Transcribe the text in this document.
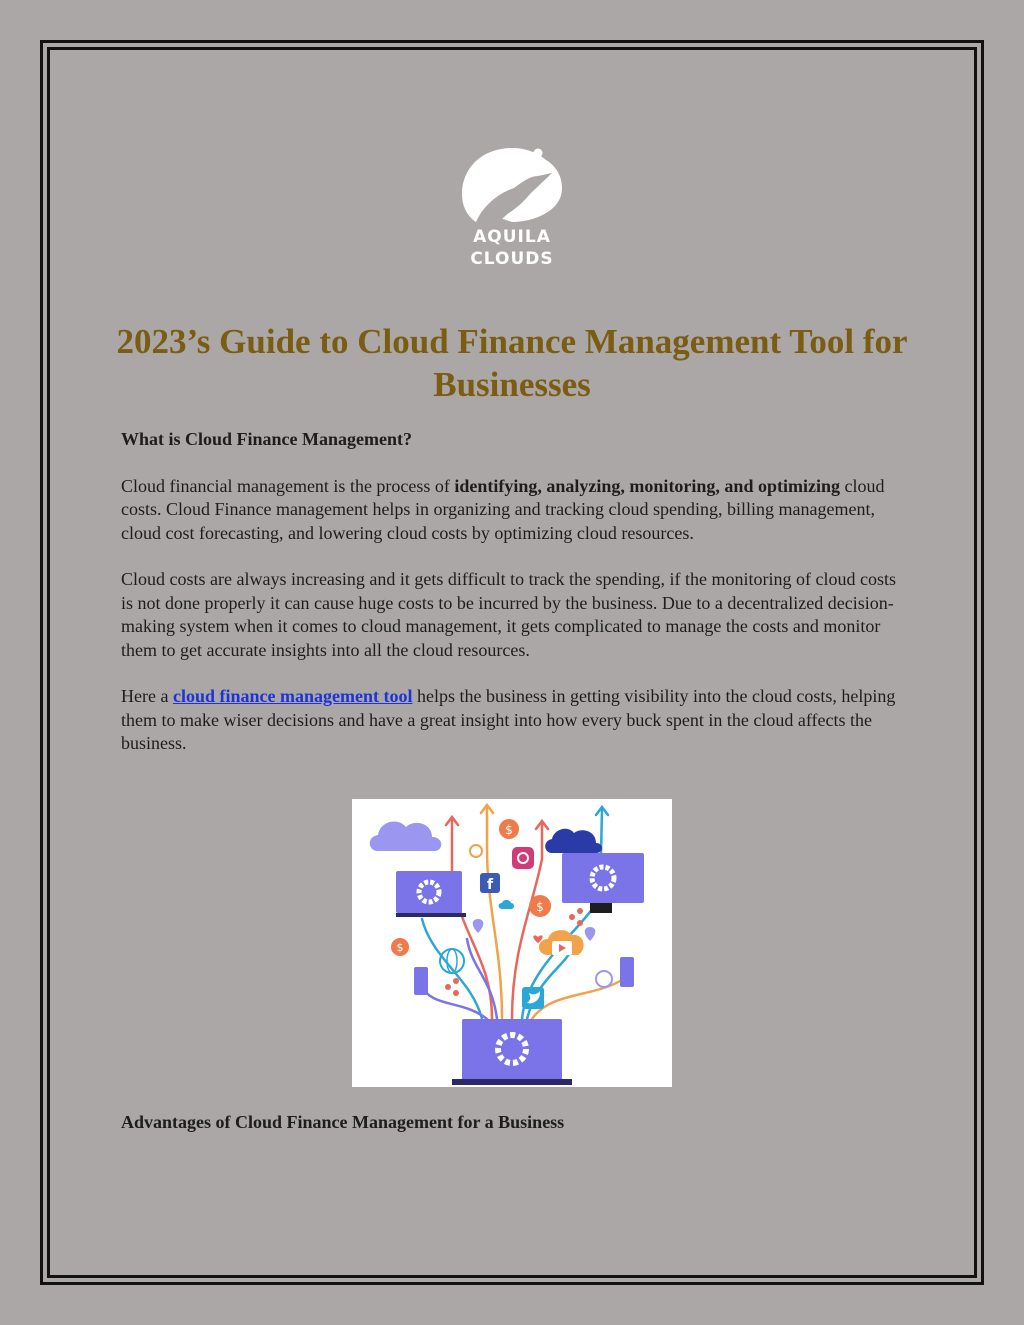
AQUILA
CLOUDS
2023’s Guide to Cloud Finance Management Tool for Businesses

What is Cloud Finance Management?

Cloud financial management is the process of identifying, analyzing, monitoring, and optimizing cloud costs. Cloud Finance management helps in organizing and tracking cloud spending, billing management, cloud cost forecasting, and lowering cloud costs by optimizing cloud resources.

Cloud costs are always increasing and it gets difficult to track the spending, if the monitoring of cloud costs is not done properly it can cause huge costs to be incurred by the business. Due to a decentralized decision-making system when it comes to cloud management, it gets complicated to manage the costs and monitor them to get accurate insights into all the cloud resources.

Here a cloud finance management tool helps the business in getting visibility into the cloud costs, helping them to make wiser decisions and have a great insight into how every buck spent in the cloud affects the business.

$
$
$
f
Advantages of Cloud Finance Management for a Business
